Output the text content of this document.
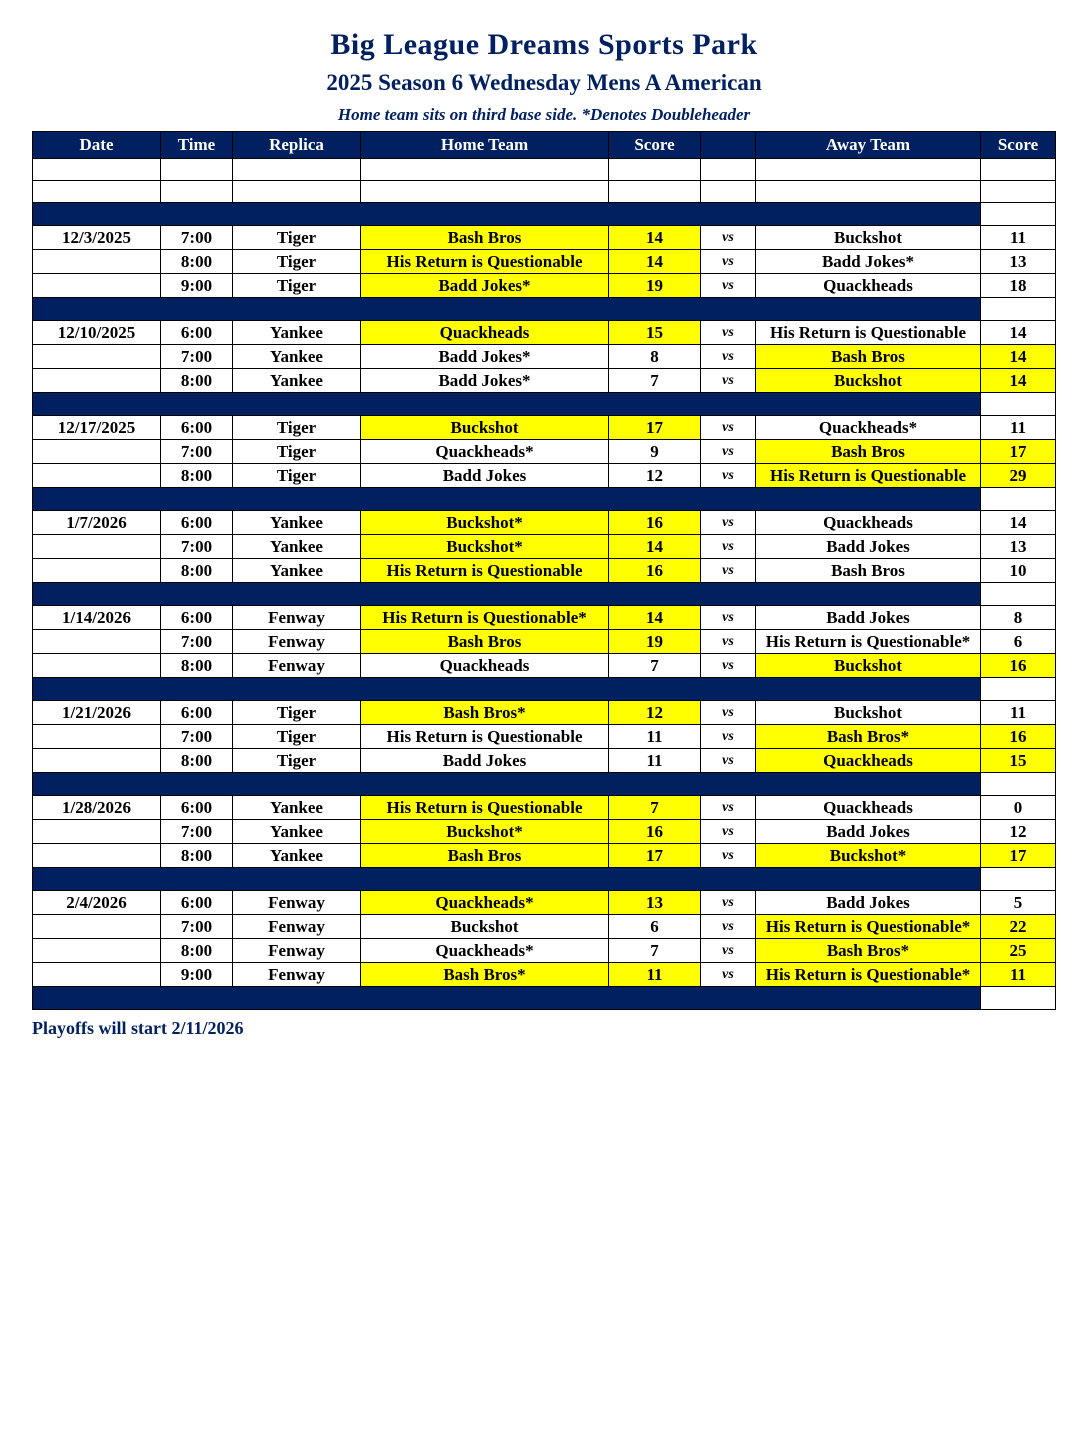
Big League Dreams Sports Park
2025 Season 6 Wednesday Mens A American
Home team sits on third base side. *Denotes Doubleheader
Date	Time	Replica	Home Team	Score		Away Team	Score

12/3/2025	7:00	Tiger	Bash Bros	14	vs	Buckshot	11
	8:00	Tiger	His Return is Questionable	14	vs	Badd Jokes*	13
	9:00	Tiger	Badd Jokes*	19	vs	Quackheads	18

12/10/2025	6:00	Yankee	Quackheads	15	vs	His Return is Questionable	14
	7:00	Yankee	Badd Jokes*	8	vs	Bash Bros	14
	8:00	Yankee	Badd Jokes*	7	vs	Buckshot	14

12/17/2025	6:00	Tiger	Buckshot	17	vs	Quackheads*	11
	7:00	Tiger	Quackheads*	9	vs	Bash Bros	17
	8:00	Tiger	Badd Jokes	12	vs	His Return is Questionable	29

1/7/2026	6:00	Yankee	Buckshot*	16	vs	Quackheads	14
	7:00	Yankee	Buckshot*	14	vs	Badd Jokes	13
	8:00	Yankee	His Return is Questionable	16	vs	Bash Bros	10

1/14/2026	6:00	Fenway	His Return is Questionable*	14	vs	Badd Jokes	8
	7:00	Fenway	Bash Bros	19	vs	His Return is Questionable*	6
	8:00	Fenway	Quackheads	7	vs	Buckshot	16

1/21/2026	6:00	Tiger	Bash Bros*	12	vs	Buckshot	11
	7:00	Tiger	His Return is Questionable	11	vs	Bash Bros*	16
	8:00	Tiger	Badd Jokes	11	vs	Quackheads	15

1/28/2026	6:00	Yankee	His Return is Questionable	7	vs	Quackheads	0
	7:00	Yankee	Buckshot*	16	vs	Badd Jokes	12
	8:00	Yankee	Bash Bros	17	vs	Buckshot*	17

2/4/2026	6:00	Fenway	Quackheads*	13	vs	Badd Jokes	5
	7:00	Fenway	Buckshot	6	vs	His Return is Questionable*	22
	8:00	Fenway	Quackheads*	7	vs	Bash Bros*	25
	9:00	Fenway	Bash Bros*	11	vs	His Return is Questionable*	11

Playoffs will start 2/11/2026
